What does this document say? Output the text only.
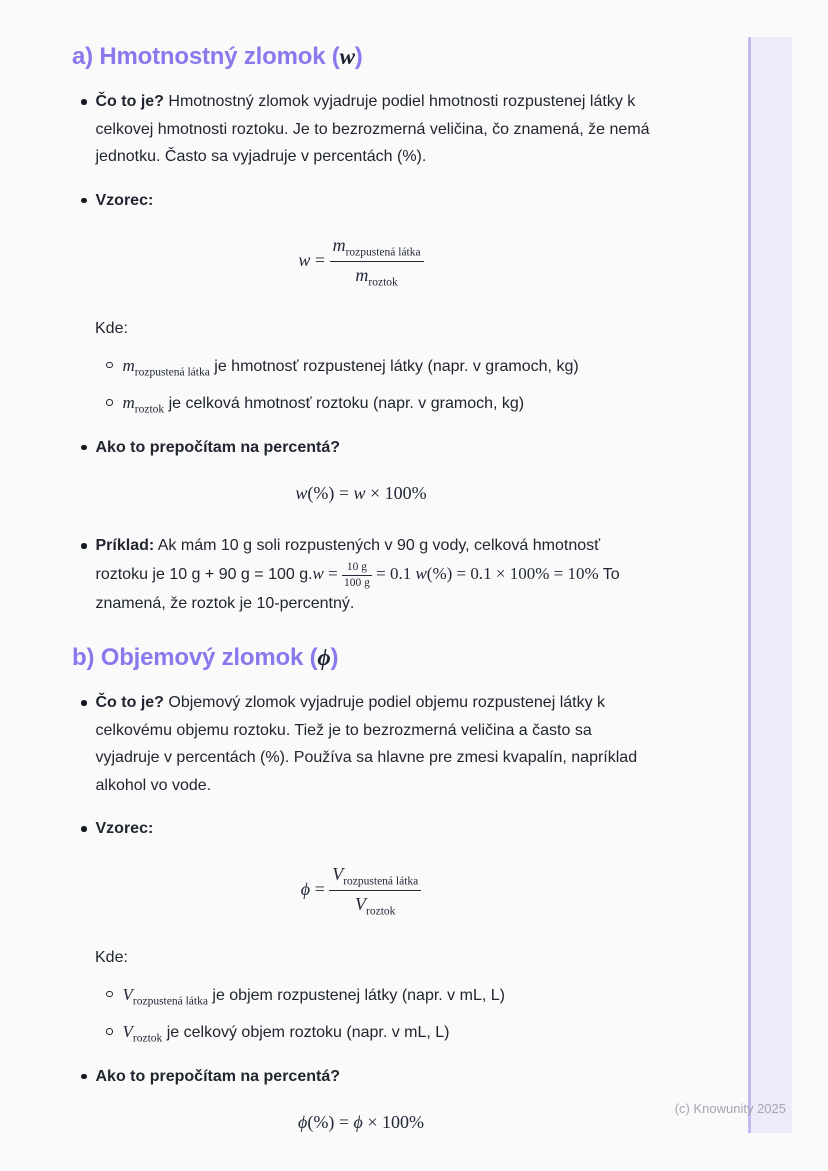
a) Hmotnostný zlomok (w)

Čo to je? Hmotnostný zlomok vyjadruje podiel hmotnosti rozpustenej látky k celkovej hmotnosti roztoku. Je to bezrozmerná veličina, čo znamená, že nemá jednotku. Často sa vyjadruje v percentách (%).

Vzorec:

$w = \frac{m_{rozpustená látka}}{m_{roztok}}$

Kde:

$m_{rozpustená látka}$ je hmotnosť rozpustenej látky (napr. v gramoch, kg)

$m_{roztok}$ je celková hmotnosť roztoku (napr. v gramoch, kg)

Ako to prepočítam na percentá?

w(%) = w × 100%

Príklad: Ak mám 10 g soli rozpustených v 90 g vody, celková hmotnosť roztoku je 10 g + 90 g = 100 $g.w = \frac{10 g}{100 g} = 0.1$ w(%) = 0.1 × 100% = 10% To znamená, že roztok je 10-percentný.

b) Objemový zlomok (ϕ)

Čo to je? Objemový zlomok vyjadruje podiel objemu rozpustenej látky k celkovému objemu roztoku. Tiež je to bezrozmerná veličina a často sa vyjadruje v percentách (%). Používa sa hlavne pre zmesi kvapalín, napríklad alkohol vo vode.

Vzorec:

$\phi = \frac{V_{rozpustená látka}}{V_{roztok}}$

Kde:

$V_{rozpustená látka}$ je objem rozpustenej látky (napr. v mL, L)

$V_{roztok}$ je celkový objem roztoku (napr. v mL, L)

Ako to prepočítam na percentá?

ϕ(%) = ϕ × 100%
(c) Knowunity 2025
